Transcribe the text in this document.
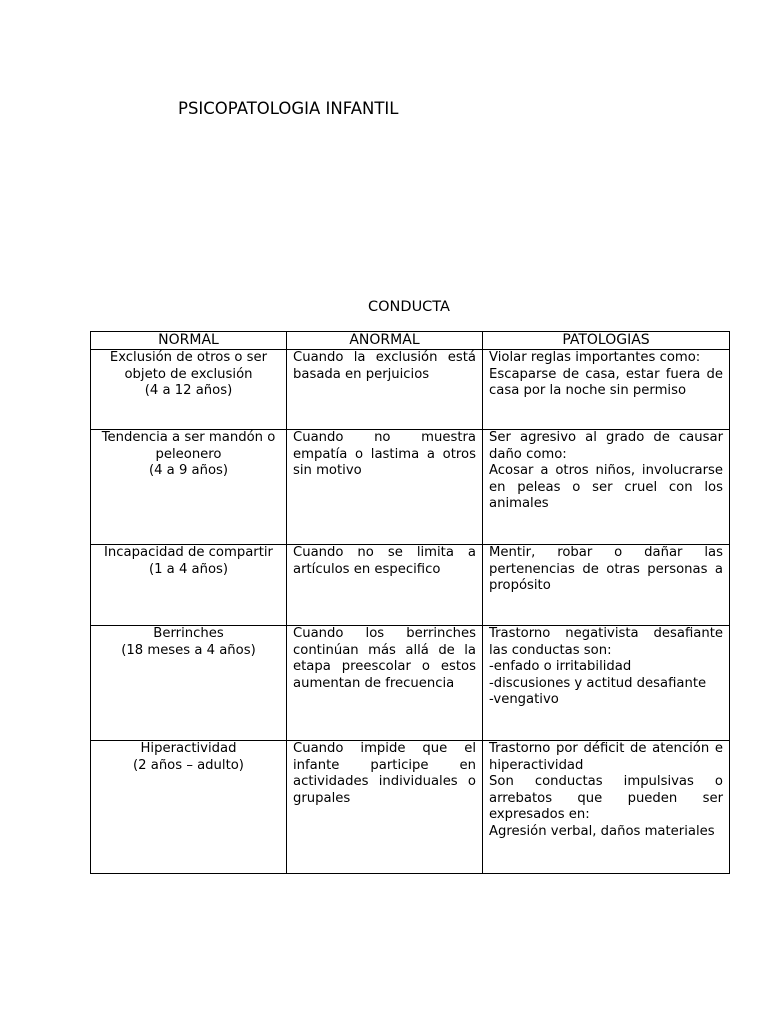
PSICOPATOLOGIA INFANTIL
CONDUCTA
NORMAL	ANORMAL	PATOLOGIAS

Exclusión de otros o ser objeto de exclusión
(4 a 12 años)	Cuando la exclusión está basada en perjuicios	Violar reglas importantes como:
Escaparse de casa, estar fuera de casa por la noche sin permiso

Tendencia a ser mandón o peleonero
(4 a 9 años)	Cuando no muestra empatía o lastima a otros sin motivo	Ser agresivo al grado de causar daño como:
Acosar a otros niños, involucrarse en peleas o ser cruel con los animales

Incapacidad de compartir
(1 a 4 años)	Cuando no se limita a artículos en especifico	Mentir, robar o dañar las pertenencias de otras personas a propósito

Berrinches
(18 meses a 4 años)	Cuando los berrinches continúan más allá de la etapa preescolar o estos aumentan de frecuencia	Trastorno negativista desafiante las conductas son:
-enfado o irritabilidad
-discusiones y actitud desafiante
-vengativo

Hiperactividad
(2 años – adulto)	Cuando impide que el infante participe en actividades individuales o grupales	Trastorno por déficit de atención e hiperactividad
Son conductas impulsivas o arrebatos que pueden ser expresados en:
Agresión verbal, daños materiales
